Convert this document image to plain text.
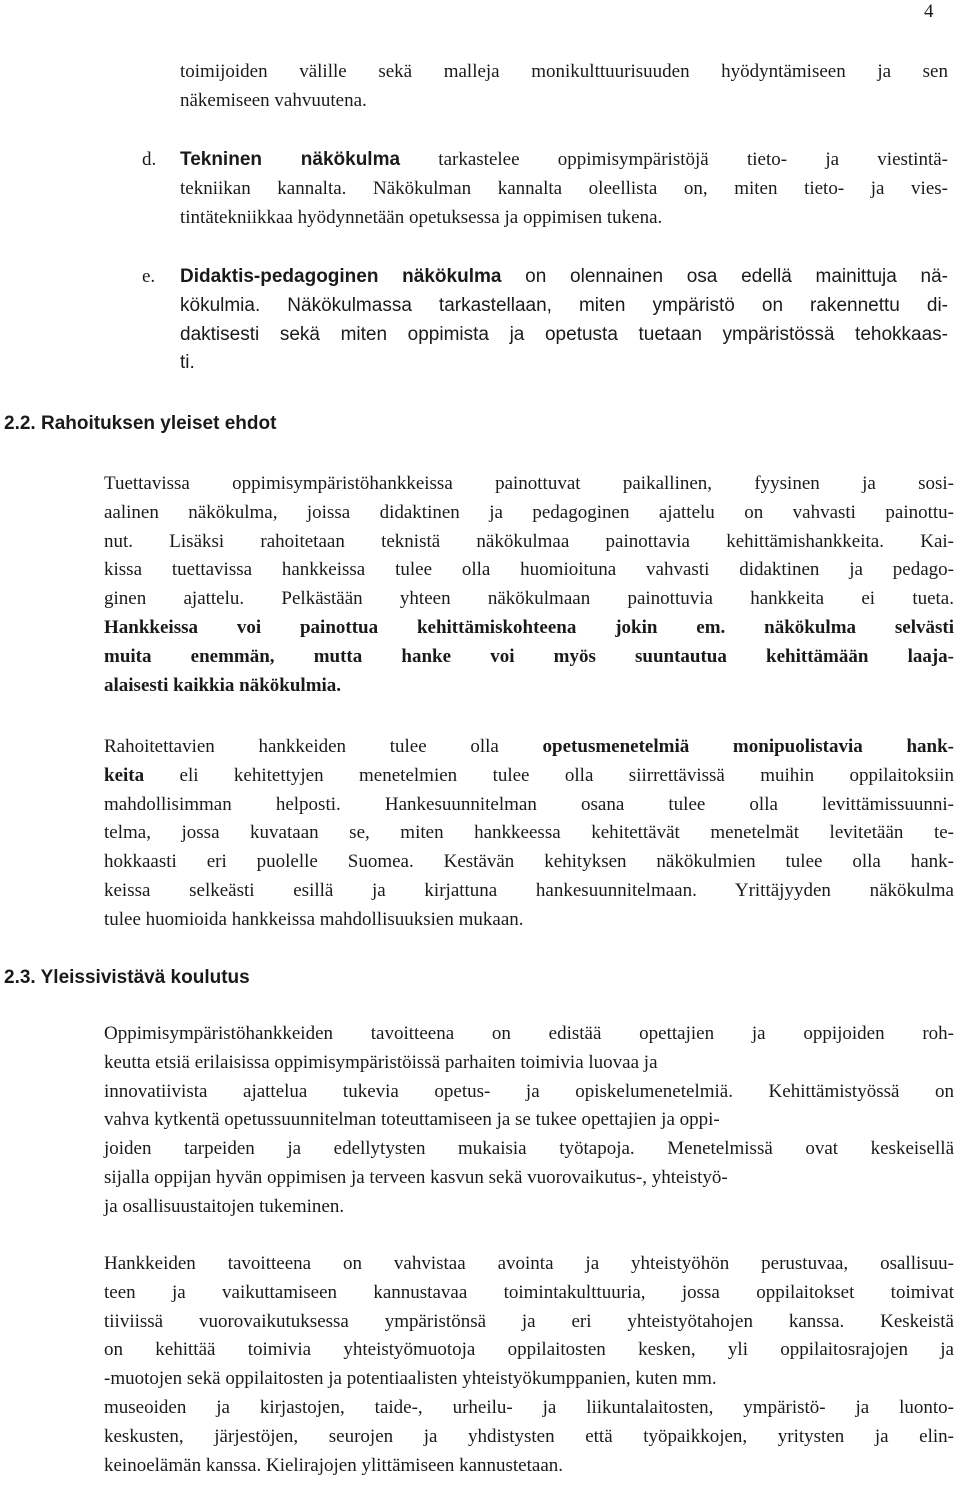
4
toimijoiden välille sekä malleja monikulttuurisuuden hyödyntämiseen ja sen
näkemiseen vahvuutena.
d. Tekninen näkökulma tarkastelee oppimisympäristöjä tieto- ja viestintä-
tekniikan kannalta. Näkökulman kannalta oleellista on, miten tieto- ja vies-
tintätekniikkaa hyödynnetään opetuksessa ja oppimisen tukena.
e. Didaktis-pedagoginen näkökulma on olennainen osa edellä mainittuja nä-
kökulmia. Näkökulmassa tarkastellaan, miten ympäristö on rakennettu di-
daktisesti sekä miten oppimista ja opetusta tuetaan ympäristössä tehokkaas-
ti.
2.2. Rahoituksen yleiset ehdot
Tuettavissa oppimisympäristöhankkeissa painottuvat paikallinen, fyysinen ja sosi-
aalinen näkökulma, joissa didaktinen ja pedagoginen ajattelu on vahvasti painottu-
nut. Lisäksi rahoitetaan teknistä näkökulmaa painottavia kehittämishankkeita. Kai-
kissa tuettavissa hankkeissa tulee olla huomioituna vahvasti didaktinen ja pedago-
ginen ajattelu. Pelkästään yhteen näkökulmaan painottuvia hankkeita ei tueta.
Hankkeissa voi painottua kehittämiskohteena jokin em. näkökulma selvästi
muita enemmän, mutta hanke voi myös suuntautua kehittämään laaja-
alaisesti kaikkia näkökulmia.
Rahoitettavien hankkeiden tulee olla opetusmenetelmiä monipuolistavia hank-
keita eli kehitettyjen menetelmien tulee olla siirrettävissä muihin oppilaitoksiin
mahdollisimman helposti. Hankesuunnitelman osana tulee olla levittämissuunni-
telma, jossa kuvataan se, miten hankkeessa kehitettävät menetelmät levitetään te-
hokkaasti eri puolelle Suomea. Kestävän kehityksen näkökulmien tulee olla hank-
keissa selkeästi esillä ja kirjattuna hankesuunnitelmaan. Yrittäjyyden näkökulma
tulee huomioida hankkeissa mahdollisuuksien mukaan.
2.3. Yleissivistävä koulutus
Oppimisympäristöhankkeiden tavoitteena on edistää opettajien ja oppijoiden roh-
keutta etsiä erilaisissa oppimisympäristöissä parhaiten toimivia luovaa ja
innovatiivista ajattelua tukevia opetus- ja opiskelumenetelmiä. Kehittämistyössä on
vahva kytkentä opetussuunnitelman toteuttamiseen ja se tukee opettajien ja oppi-
joiden tarpeiden ja edellytysten mukaisia työtapoja. Menetelmissä ovat keskeisellä
sijalla oppijan hyvän oppimisen ja terveen kasvun sekä vuorovaikutus-, yhteistyö-
ja osallisuustaitojen tukeminen.
Hankkeiden tavoitteena on vahvistaa avointa ja yhteistyöhön perustuvaa, osallisuu-
teen ja vaikuttamiseen kannustavaa toimintakulttuuria, jossa oppilaitokset toimivat
tiiviissä vuorovaikutuksessa ympäristönsä ja eri yhteistyötahojen kanssa. Keskeistä
on kehittää toimivia yhteistyömuotoja oppilaitosten kesken, yli oppilaitosrajojen ja
-muotojen sekä oppilaitosten ja potentiaalisten yhteistyökumppanien, kuten mm.
museoiden ja kirjastojen, taide-, urheilu- ja liikuntalaitosten, ympäristö- ja luonto-
keskusten, järjestöjen, seurojen ja yhdistysten että työpaikkojen, yritysten ja elin-
keinoelämän kanssa. Kielirajojen ylittämiseen kannustetaan.
